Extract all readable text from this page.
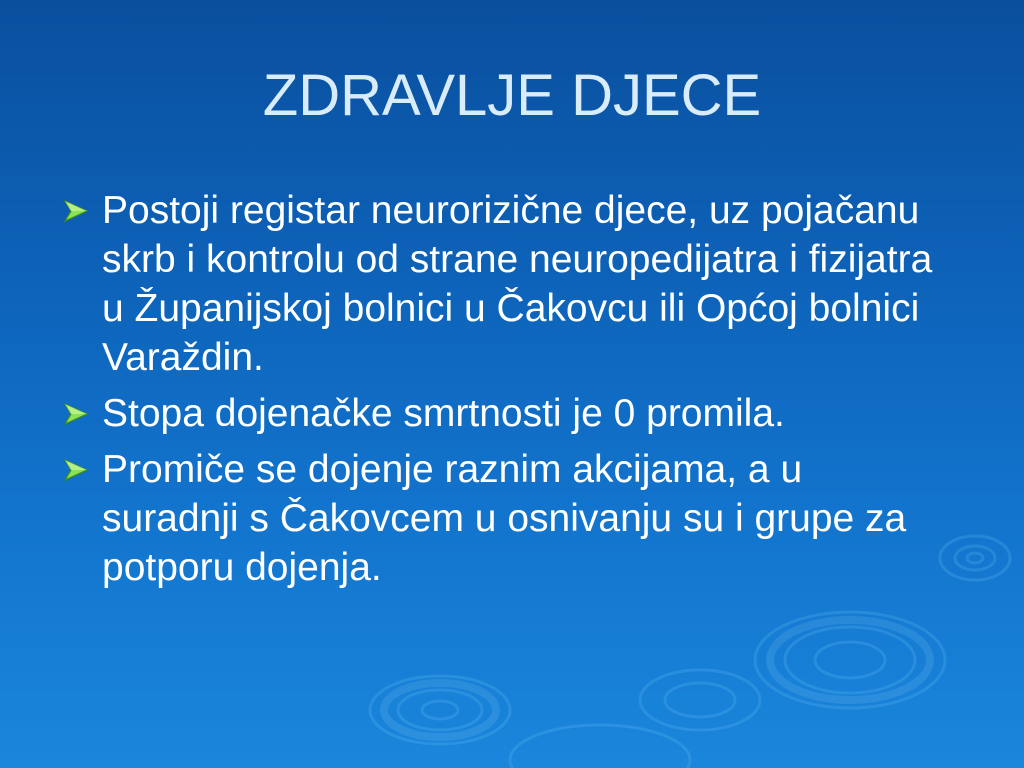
ZDRAVLJE DJECE
Postoji registar neurorizične djece, uz pojačanu skrb i kontrolu od strane neuropedijatra i fizijatra u Županijskoj bolnici u Čakovcu ili Općoj bolnici Varaždin.
Stopa dojenačke smrtnosti je 0 promila.
Promiče se dojenje raznim akcijama, a u suradnji s Čakovcem u osnivanju su i grupe za potporu dojenja.
